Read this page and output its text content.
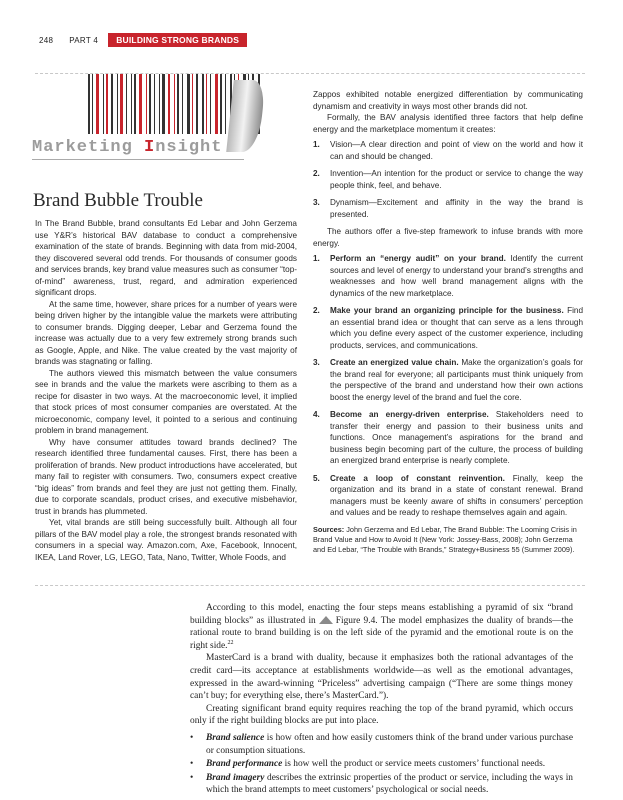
248 PART 4	BUILDING STRONG BRANDS
Marketing Insight
Brand Bubble Trouble

In The Brand Bubble, brand consultants Ed Lebar and John Gerzema use Y&R’s historical BAV database to conduct a comprehensive examination of the state of brands. Beginning with data from mid-2004, they discovered several odd trends. For thousands of consumer goods and services brands, key brand value measures such as consumer “top-of-mind” awareness, trust, regard, and admiration experienced significant drops.

At the same time, however, share prices for a number of years were being driven higher by the intangible value the markets were attributing to consumer brands. Digging deeper, Lebar and Gerzema found the increase was actually due to a very few extremely strong brands such as Google, Apple, and Nike. The value created by the vast majority of brands was stagnating or falling.

The authors viewed this mismatch between the value consumers see in brands and the value the markets were ascribing to them as a recipe for disaster in two ways. At the macroeconomic level, it implied that stock prices of most consumer companies are overstated. At the microeconomic, company level, it pointed to a serious and continuing problem in brand management.

Why have consumer attitudes toward brands declined? The research identified three fundamental causes. First, there has been a proliferation of brands. New product introductions have accelerated, but many fail to register with consumers. Two, consumers expect creative “big ideas” from brands and feel they are just not getting them. Finally, due to corporate scandals, product crises, and executive misbehavior, trust in brands has plummeted.

Yet, vital brands are still being successfully built. Although all four pillars of the BAV model play a role, the strongest brands resonated with consumers in a special way. Amazon.com, Axe, Facebook, Innocent, IKEA, Land Rover, LG, LEGO, Tata, Nano, Twitter, Whole Foods, and

Zappos exhibited notable energized differentiation by communicating dynamism and creativity in ways most other brands did not.

Formally, the BAV analysis identified three factors that help define energy and the marketplace momentum it creates:

1. Vision—A clear direction and point of view on the world and how it can and should be changed.
2. Invention—An intention for the product or service to change the way people think, feel, and behave.
3. Dynamism—Excitement and affinity in the way the brand is presented.

The authors offer a five-step framework to infuse brands with more energy.

1. Perform an “energy audit” on your brand. Identify the current sources and level of energy to understand your brand’s strengths and weaknesses and how well brand management aligns with the dynamics of the new marketplace.
2. Make your brand an organizing principle for the business. Find an essential brand idea or thought that can serve as a lens through which you define every aspect of the customer experience, including products, services, and communications.
3. Create an energized value chain. Make the organization’s goals for the brand real for everyone; all participants must think uniquely from the perspective of the brand and understand how their own actions boost the energy level of the brand and fuel the core.
4. Become an energy-driven enterprise. Stakeholders need to transfer their energy and passion to their business units and functions. Once management’s aspirations for the brand and business begin becoming part of the culture, the process of building an energized brand enterprise is nearly complete.
5. Create a loop of constant reinvention. Finally, keep the organization and its brand in a state of constant renewal. Brand managers must be keenly aware of shifts in consumers’ perception and values and be ready to reshape themselves again and again.

Sources: John Gerzema and Ed Lebar, The Brand Bubble: The Looming Crisis in Brand Value and How to Avoid It (New York: Jossey-Bass, 2008); John Gerzema and Ed Lebar, “The Trouble with Brands,” Strategy+Business 55 (Summer 2009).

According to this model, enacting the four steps means establishing a pyramid of six “brand building blocks” as illustrated in Figure 9.4. The model emphasizes the duality of brands—the rational route to brand building is on the left side of the pyramid and the emotional route is on the right side.$^{22}$

MasterCard is a brand with duality, because it emphasizes both the rational advantages of the credit card—its acceptance at establishments worldwide—as well as the emotional advantages, expressed in the award-winning “Priceless” advertising campaign (“There are some things money can’t buy; for everything else, there’s MasterCard.”).

Creating significant brand equity requires reaching the top of the brand pyramid, which occurs only if the right building blocks are put into place.

• Brand salience is how often and how easily customers think of the brand under various purchase or consumption situations.
• Brand performance is how well the product or service meets customers’ functional needs.
• Brand imagery describes the extrinsic properties of the product or service, including the ways in which the brand attempts to meet customers’ psychological or social needs.
